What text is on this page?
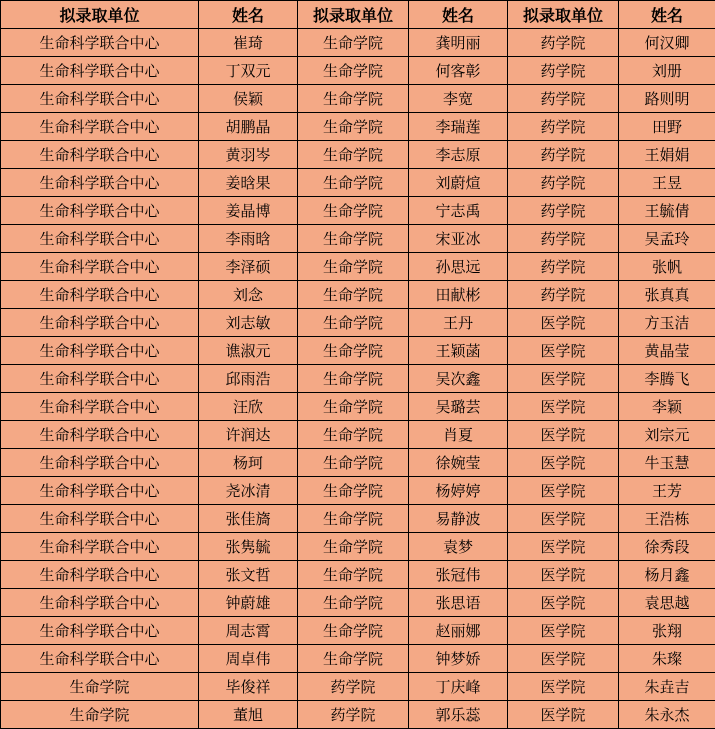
拟录取单位	姓名	拟录取单位	姓名	拟录取单位	姓名
生命科学联合中心	崔琦	生命学院	龚明丽	药学院	何汉卿
生命科学联合中心	丁双元	生命学院	何客彰	药学院	刘册
生命科学联合中心	侯颖	生命学院	李宽	药学院	路则明
生命科学联合中心	胡鹏晶	生命学院	李瑞莲	药学院	田野
生命科学联合中心	黄羽岑	生命学院	李志原	药学院	王娟娟
生命科学联合中心	姜晗果	生命学院	刘蔚煊	药学院	王昱
生命科学联合中心	姜晶博	生命学院	宁志禹	药学院	王毓倩
生命科学联合中心	李雨晗	生命学院	宋亚冰	药学院	吴孟玲
生命科学联合中心	李泽硕	生命学院	孙思远	药学院	张帆
生命科学联合中心	刘念	生命学院	田献彬	药学院	张真真
生命科学联合中心	刘志敏	生命学院	王丹	医学院	方玉洁
生命科学联合中心	谯淑元	生命学院	王颖菡	医学院	黄晶莹
生命科学联合中心	邱雨浩	生命学院	吴次鑫	医学院	李腾飞
生命科学联合中心	汪欣	生命学院	吴璐芸	医学院	李颖
生命科学联合中心	许润达	生命学院	肖夏	医学院	刘宗元
生命科学联合中心	杨珂	生命学院	徐婉莹	医学院	牛玉慧
生命科学联合中心	尧冰清	生命学院	杨婷婷	医学院	王芳
生命科学联合中心	张佳旖	生命学院	易静波	医学院	王浩栋
生命科学联合中心	张隽毓	生命学院	袁梦	医学院	徐秀段
生命科学联合中心	张文哲	生命学院	张冠伟	医学院	杨月鑫
生命科学联合中心	钟蔚雄	生命学院	张思语	医学院	袁思越
生命科学联合中心	周志霄	生命学院	赵丽娜	医学院	张翔
生命科学联合中心	周卓伟	生命学院	钟梦娇	医学院	朱璨
生命学院	毕俊祥	药学院	丁庆峰	医学院	朱垚吉
生命学院	董旭	药学院	郭乐蕊	医学院	朱永杰
